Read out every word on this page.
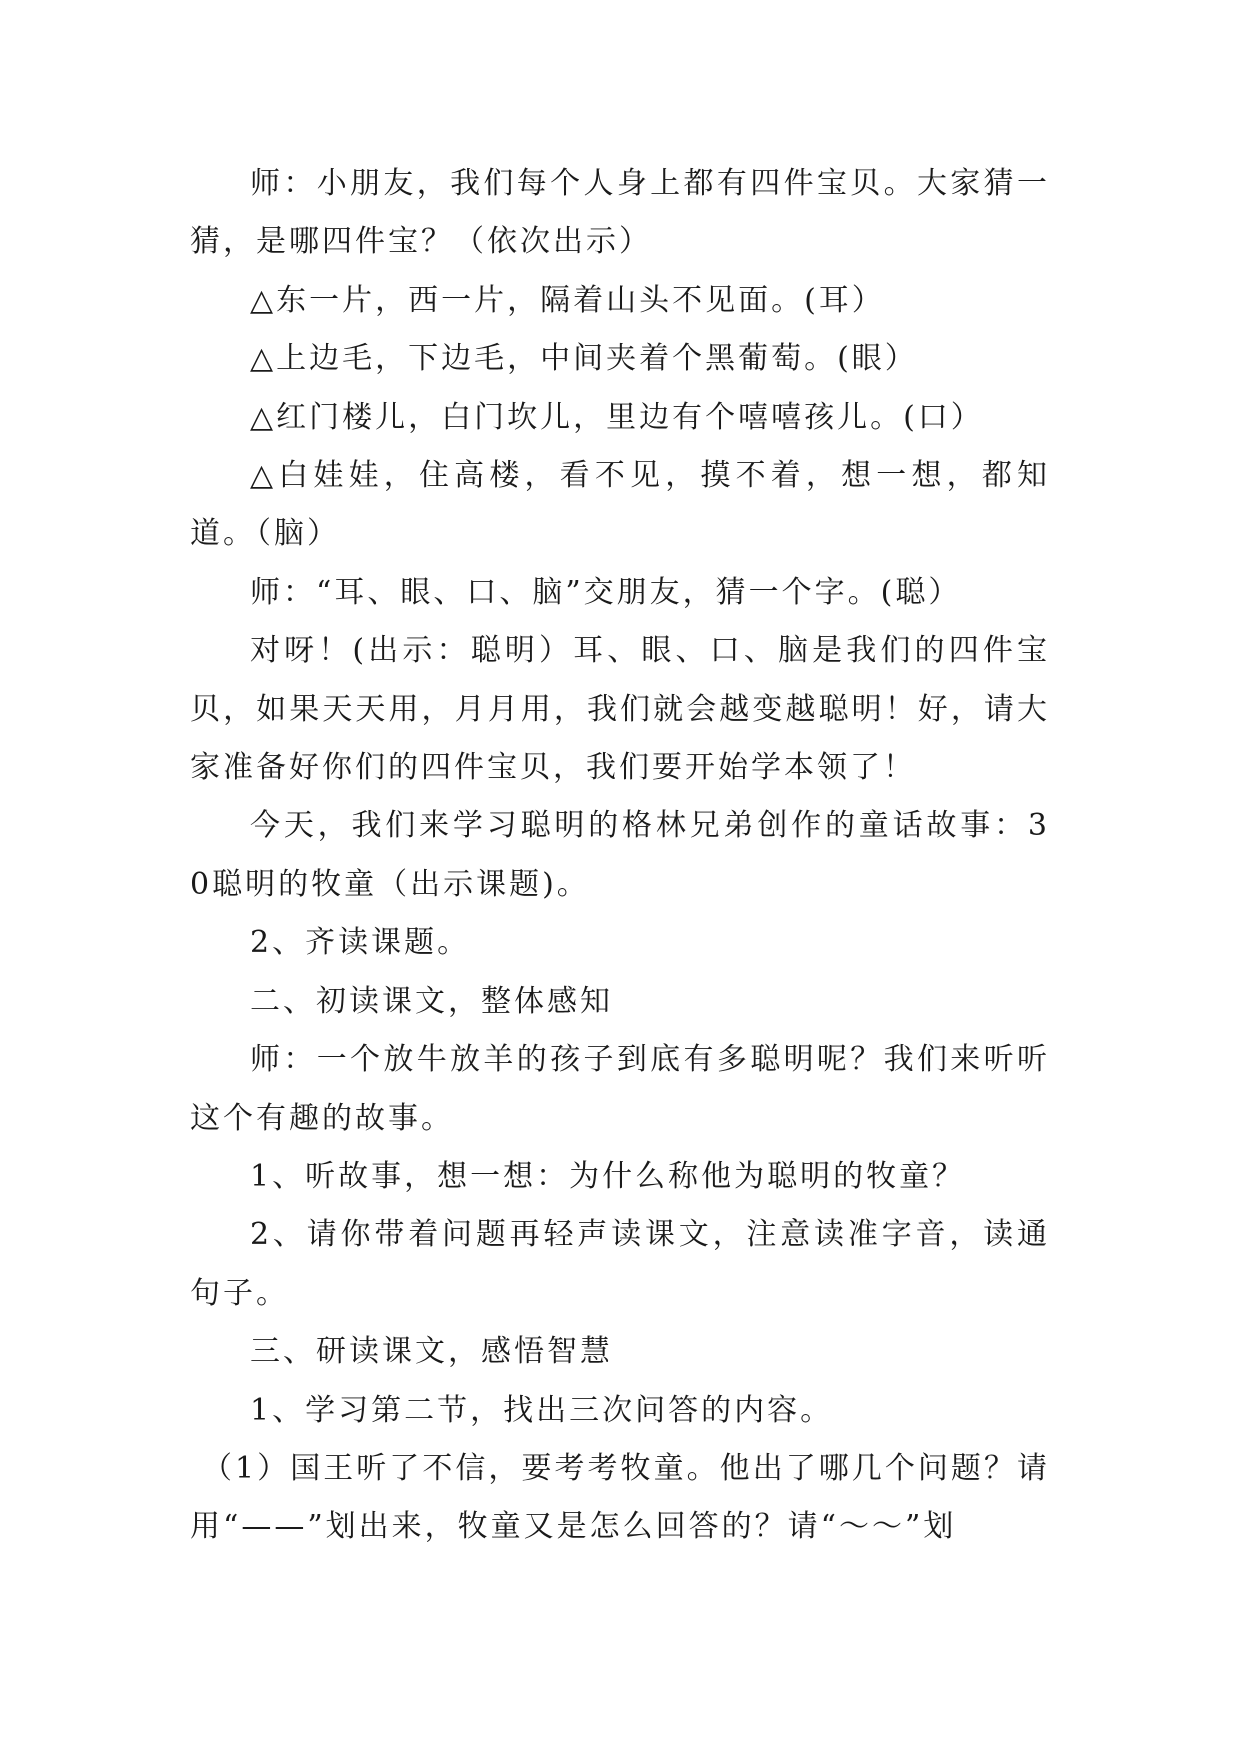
师：小朋友，我们每个人身上都有四件宝贝。大家猜一猜，是哪四件宝？（依次出示）

△东一片，西一片，隔着山头不见面。(耳）

△上边毛，下边毛，中间夹着个黑葡萄。(眼）

△红门楼儿，白门坎儿，里边有个嘻嘻孩儿。(口）

△白娃娃，住高楼，看不见，摸不着，想一想，都知道。（脑）

师：“耳、眼、口、脑”交朋友，猜一个字。(聪）

对呀！(出示：聪明）耳、眼、口、脑是我们的四件宝贝，如果天天用，月月用，我们就会越变越聪明！好，请大家准备好你们的四件宝贝，我们要开始学本领了！

今天，我们来学习聪明的格林兄弟创作的童话故事：30聪明的牧童（出示课题)。

2、齐读课题。

二、初读课文，整体感知

师：一个放牛放羊的孩子到底有多聪明呢？我们来听听这个有趣的故事。

1、听故事，想一想：为什么称他为聪明的牧童？

2、请你带着问题再轻声读课文，注意读准字音，读通句子。

三、研读课文，感悟智慧

1、学习第二节，找出三次问答的内容。

（1）国王听了不信，要考考牧童。他出了哪几个问题？请用“——”划出来，牧童又是怎么回答的？请“～～”划
